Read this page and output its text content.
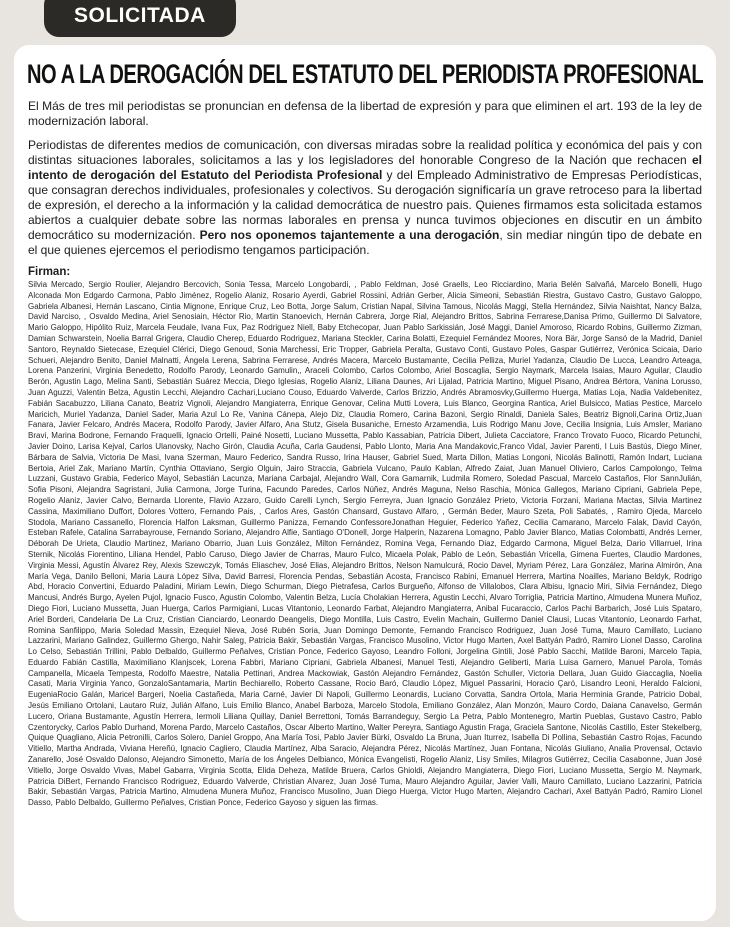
SOLICITADA
NO A LA DEROGACIÓN DEL ESTATUTO DEL PERIODISTA PROFESIONAL

El Más de tres mil periodistas se pronuncian en defensa de la libertad de expresión y para que eliminen el art. 193 de la ley de modernización laboral.

Periodistas de diferentes medios de comunicación, con diversas miradas sobre la realidad política y económica del pais y con distintas situaciones laborales, solicitamos a las y los legisladores del honorable Congreso de la Nación que rechacen el intento de derogación del Estatuto del Periodista Profesional y del Empleado Administrativo de Empresas Periodísticas, que consagran derechos individuales, profesionales y colectivos. Su derogación significaría un grave retroceso para la libertad de expresión, el derecho a la información y la calidad democrática de nuestro pais. Quienes firmamos esta solicitada estamos abiertos a cualquier debate sobre las normas laborales en prensa y nunca tuvimos objeciones en discutir en un ámbito democrático su modernización. Pero nos oponemos tajantemente a una derogación, sin mediar ningún tipo de debate en el que quienes ejercemos el periodismo tengamos participación.

Firman:

Silvia Mercado, Sergio Roulier, Alejandro Bercovich, Sonia Tessa, Marcelo Longobardi, , Pablo Feldman, José Graells, Leo Ricciardino, Maria Belén Salvañá, Marcelo Bonelli, Hugo Alconada Mon Edgardo Carmona, Pablo Jiménez, Rogelio Alaniz, Rosario Ayerdi, Gabriel Rossini, Adrián Gerber, Alicia Simeoni, Sebastián Riestra, Gustavo Castro, Gustavo Galoppo, Gabriela Albanesi, Hernán Lascano, Cintia Mignone, Enrique Cruz, Leo Botta, Jorge Salum, Cristian Napal, Silvina Tamous, Nicolás Maggi, Stella Hernández, Silvia Naishtat, Nancy Balza, David Narciso, , Osvaldo Medina, Ariel Senosiain, Héctor Rio, Martin Stanoevich, Hernán Cabrera, Jorge Rial, Alejandro Brittos, Sabrina Ferrarese,Danisa Primo, Guillermo Di Salvatore, Mario Galoppo, Hipólito Ruiz, Marcela Feudale, Ivana Fux, Paz Rodriguez Niell, Baby Etchecopar, Juan Pablo Sarkissián, José Maggi, Daniel Amoroso, Ricardo Robins, Guillermo Zizman, Damian Schwarstein, Noelia Barral Grigera, Claudio Cherep, Eduardo Rodriguez, Mariana Steckler, Carina Bolatti, Ezequiel Fernández Moores, Nora Bär, Jorge Sansó de la Madrid, Daniel Santoro, Reynaldo Sietecase, Ezequiel Clérici, Diego Genoud, Sonia Marchessi, Eric Tropper, Gabriela Peralta, Gustavo Conti, Gustavo Poles, Gaspar Gutiérrez, Verónica Scicaia, Dario Schueri, Alejandro Benito, Daniel Malnatti, Ángela Lerena, Sabrina Ferrarese, Andrés Macera, Marcelo Bustamante, Cecilia Pelliza, Muriel Yadanza, Claudio De Lucca, Leandro Arteaga, Lorena Panzerini, Virginia Benedetto, Rodolfo Parody, Leonardo Gamulin,, Araceli Colombo, Carlos Colombo, Ariel Boscaglia, Sergio Naymark, Marcela Isaias, Mauro Aguilar, Claudio Berón, Agustin Lago, Melina Santi, Sebastián Suárez Meccia, Diego Iglesias, Rogelio Alaniz, Liliana Daunes, Ari Lijalad, Patricia Martino, Miguel Pisano, Andrea Bértora, Vanina Lorusso, Juan Aguzzi, Valentin Belza, Agustin Lecchi, Alejandro Cachari,Luciano Couso, Eduardo Valverde, Carlos Brizzio, Andrés Abramosvky,Guillermo Huerga, Matias Loja, Nadia Valdebenitez, Fabián Sacabuzzo, Liliana Canato, Beatriz Vignoli, Alejandro Mangiaterra, Enrique Genovar, Celina Mutti Lovera, Luis Blanco, Georgina Rantica, Ariel Bulsicco, Matias Pestice, Marcelo Maricich, Muriel Yadanza, Daniel Sader, Maria Azul Lo Re, Vanina Cánepa, Alejo Diz, Claudia Romero, Carina Bazoni, Sergio Rinaldi, Daniela Sales, Beatriz Bignoli,Carina Ortiz,Juan Fanara, Javier Felcaro, Andrés Macera, Rodolfo Parody, Javier Alfaro, Ana Stutz, Gisela Busaniche, Ernesto Arzamendia, Luis Rodrigo Manu Jove, Cecilia Insignia, Luis Amsler, Mariano Bravi, Marina Bodrone, Fernando Fraquelli, Ignacio Ortelli, Painé Nosetti, Luciano Mussetta, Pablo Kassabian, Patricia Dibert, Julieta Cacciatore, Franco Trovato Fuoco, Ricardo Petunchi, Javier Doino, Larisa Kejval, Carlos Ulanovsky, Nacho Girón, Claudia Acuña, Carla Gaudensi, Pablo Llonto, Maria Ana Mandakovic,Franco Vidal, Javier Parenti, I Luis Bastús, Diego Miner, Bárbara de Salvia, Victoria De Masi, Ivana Szerman, Mauro Federico, Sandra Russo, Irina Hauser, Gabriel Sued, Marta Dillon, Matias Longoni, Nicolás Balinotti, Ramón Indart, Luciana Bertoia, Ariel Zak, Mariano Martín, Cynthia Ottaviano, Sergio Olguin, Jairo Straccia, Gabriela Vulcano, Paulo Kablan, Alfredo Zaiat, Juan Manuel Oliviero, Carlos Campolongo, Telma Luzzani, Gustavo Grabia, Federico Mayol, Sebastián Lacunza, Mariana Carbajal, Alejandro Wall, Cora Gamarnik, Ludmila Romero, Soledad Pascual, Marcelo Castaños, Flor SannJulián, Sofia Pisoni, Alejandra Sagristani, Julia Carmona, Jorge Turina, Facundo Paredes, Carlos Núñez, Andrés Maguna, Nelso Raschia, Mónica Gallegos, Mariano Cipriani, Gabriela Pepe, Rogelio Alaniz, Javier Calvo, Bernarda Llorente, Flavio Azzaro, Guido Carelli Lynch, Sergio Ferreyra, Juan Ignacio González Prieto, Victoria Forzani, Mariana Mactas, Silvia Martinez Cassina, Maximiliano Duffort, Dolores Vottero, Fernando Pais, , Carlos Ares, Gastón Chansard, Gustavo Alfaro, , Germán Beder, Mauro Szeta, Poli Sabatés, , Ramiro Ojeda, Marcelo Stodola, Mariano Cassanello, Florencia Halfon Laksman, Guillermo Panizza, Fernando ConfessoreJonathan Heguier, Federico Yañez, Cecilia Camarano, Marcelo Falak, David Cayón, Esteban Rafele, Catalina Sarrabayrouse, Fernando Soriano, Alejandro Alfie, Santiago O'Donell, Jorge Halperin, Nazarena Lomagno, Pablo Javier Blanco, Matias Colombatti, Andrés Lerner, Déborah De Urieta, Claudio Martinez, Mariano Obarrio, Juan Luis González, Milton Fernández, Romina Vega, Fernando Diaz, Edgardo Carmona, Miguel Belza, Dario Villarruel, Irina Sternik, Nicolás Fiorentino, Liliana Hendel, Pablo Caruso, Diego Javier de Charras, Mauro Fulco, Micaela Polak, Pablo de León, Sebastián Vricella, Gimena Fuertes, Claudio Mardones, Virginia Messi, Agustín Álvarez Rey, Alexis Szewczyk, Tomás Eliaschev, José Elias, Alejandro Brittos, Nelson Namulcurá, Rocio Davel, Myriam Pérez, Lara González, Marina Almirón, Ana María Vega, Danilo Belloni, Maria Laura López Silva, David Barresi, Florencia Pendas, Sebastián Acosta, Francisco Rabini, Emanuel Herrera, Martina Noailles, Mariano Beldyk, Rodrigo Abd, Horacio Convertini, Eduardo Paladini, Miriam Lewin, Diego Schurman, Diego Pietrafesa, Carlos Burgueño, Alfonso de Villalobos, Clara Albisu, Ignacio Miri, Silvia Fernández, Diego Mancusi, Andrés Burgo, Ayelen Pujol, Ignacio Fusco, Agustin Colombo, Valentin Belza, Lucía Cholakian Herrera, Agustin Lecchi, Alvaro Torriglia, Patricia Martino, Almudena Munera Muñoz, Diego Fiori, Luciano Mussetta, Juan Huerga, Carlos Parmigiani, Lucas Vitantonio, Leonardo Farbat, Alejandro Mangiaterra, Anibal Fucaraccio, Carlos Pachi Barbarich, José Luis Spataro, Ariel Borderi, Candelaria De La Cruz, Cristian Cianciardo, Leonardo Deangelis, Diego Montilla, Luis Castro, Evelin Machain, Guillermo Daniel Clausi, Lucas Vitantonio, Leonardo Farhat, Romina Sanfilippo, Maria Soledad Massin, Ezequiel Nieva, José Rubén Soria, Juan Domingo Demonte, Fernando Francisco Rodriguez, Juan José Tuma, Mauro Camillato, Luciano Lazzarini, Mariano Galindez, Guillermo Ghergo, Nahir Saleg, Patricia Bakir, Sebastián Vargas, Francisco Musolino, Victor Hugo Marten, Axel Battyán Padró, Ramiro Lionel Dasso, Carolina Lo Celso, Sebastián Trillini, Pablo Delbaldo, Guillermo Peñalves, Cristian Ponce, Federico Gayoso, Leandro Folloni, Jorgelina Gintili, José Pablo Sacchi, Matilde Baroni, Marcelo Tapia, Eduardo Fabián Castilla, Maximiliano Klanjscek, Lorena Fabbri, Mariano Cipriani, Gabriela Albanesi, Manuel Testi, Alejandro Geliberti, Maria Luisa Garnero, Manuel Parola, Tomás Campanella, Micaela Tempesta, Rodolfo Maestre, Natalia Pettinari, Andrea Mackowiak, Gastón Alejandro Fernández, Gastón Schuller, Victoria Dellara, Juan Guido Giaccaglia, Noelia Casati, Maria Virginia Yanco, GonzaloSantamaria, Martin Bechiarello, Roberto Cassane, Rocio Baró, Claudio López, Miguel Passarini, Horacio Çaró, Lisandro Leoni, Heraldo Falcioni, EugeniaRocio Galán, Maricel Bargeri, Noelia Castañeda, Maria Carné, Javier Di Napoli, Guillermo Leonardis, Luciano Corvatta, Sandra Ortola, Maria Herminia Grande, Patricio Dobal, Jesús Emiliano Ortolani, Lautaro Ruiz, Julián Alfano, Luis Emilio Blanco, Anabel Barboza, Marcelo Stodola, Emiliano González, Alan Monzón, Mauro Cordo, Daiana Canavelso, Germán Lucero, Oriana Bustamante, Agustín Herrera, Iermoli Liliana Quillay, Daniel Berrettoni, Tomás Barrandeguy, Sergio La Petra, Pablo Montenegro, Martin Pueblas, Gustavo Castro, Pablo Czentorycky, Carlos Pablo Durhand, Morena Pardo, Marcelo Castaños, Oscar Alberto Martino, Walter Pereyra, Santiago Agustin Fraga, Graciela Santone, Nicolás Castillo, Ester Stekelberg, Quique Quagliano, Alicia Petronilli, Carlos Solero, Daniel Groppo, Ana María Tosi, Pablo Javier Bürki, Osvaldo La Bruna, Juan Iturrez, Isabella Di Pollina, Sebastián Castro Rojas, Facundo Vitiello, Martha Andrada, Viviana Hereñú, Ignacio Cagliero, Claudia Martínez, Alba Saracio, Alejandra Pérez, Nicolás Martínez, Juan Fontana, Nicolás Giuliano, Analia Provensal, Octavio Zanarello, José Osvaldo Dalonso, Alejandro Simonetto, María de los Ángeles Delbianco, Mónica Evangelisti, Rogelio Alaniz, Lisy Smiles, Milagros Gutiérrez, Cecilia Casabonne, Juan José Vitiello, Jorge Osvaldo Vivas, Mabel Gabarra, Virginia Scotta, Elida Deheza, Matilde Bruera, Carlos Ghioldi, Alejandro Mangiaterra, Diego Fiori, Luciano Mussetta, Sergio M. Naymark, Patricia DiBert, Fernando Francisco Rodriguez, Eduardo Valverde, Christian Alvarez, Juan José Tuma, Mauro Alejandro Aguilar, Javier Valli, Mauro Camillato, Luciano Lazzarini, Patricia Bakir, Sebastián Vargas, Patricia Martino, Almudena Munera Muñoz, Francisco Musolino, Juan Diego Huerga, Victor Hugo Marten, Alejandro Cachari, Axel Battyán Padró, Ramiro Lionel Dasso, Pablo Delbaldo, Guillermo Peñalves, Cristian Ponce, Federico Gayoso y siguen las firmas.
